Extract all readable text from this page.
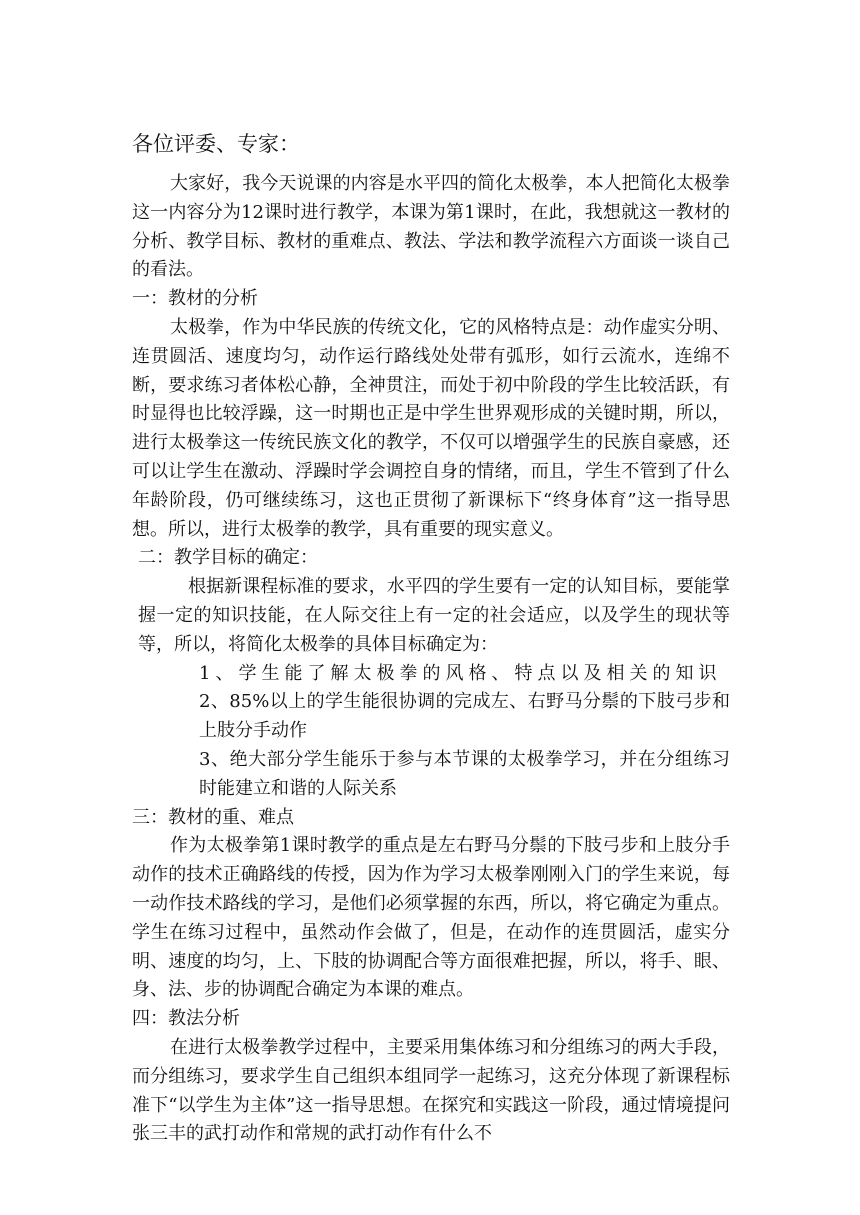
各位评委、专家：

大家好，我今天说课的内容是水平四的简化太极拳，本人把简化太极拳这一内容分为12课时进行教学，本课为第1课时，在此，我想就这一教材的分析、教学目标、教材的重难点、教法、学法和教学流程六方面谈一谈自己的看法。

一：教材的分析

太极拳，作为中华民族的传统文化，它的风格特点是：动作虚实分明、连贯圆活、速度均匀，动作运行路线处处带有弧形，如行云流水，连绵不断，要求练习者体松心静，全神贯注，而处于初中阶段的学生比较活跃，有时显得也比较浮躁，这一时期也正是中学生世界观形成的关键时期，所以，进行太极拳这一传统民族文化的教学，不仅可以增强学生的民族自豪感，还可以让学生在激动、浮躁时学会调控自身的情绪，而且，学生不管到了什么年龄阶段，仍可继续练习，这也正贯彻了新课标下“终身体育”这一指导思想。所以，进行太极拳的教学，具有重要的现实意义。

二：教学目标的确定：

根据新课程标准的要求，水平四的学生要有一定的认知目标，要能掌握一定的知识技能，在人际交往上有一定的社会适应，以及学生的现状等等，所以，将简化太极拳的具体目标确定为：

1、学生能了解太极拳的风格、特点以及相关的知识

2、85%以上的学生能很协调的完成左、右野马分鬃的下肢弓步和上肢分手动作

3、绝大部分学生能乐于参与本节课的太极拳学习，并在分组练习时能建立和谐的人际关系

三：教材的重、难点

作为太极拳第1课时教学的重点是左右野马分鬃的下肢弓步和上肢分手动作的技术正确路线的传授，因为作为学习太极拳刚刚入门的学生来说，每一动作技术路线的学习，是他们必须掌握的东西，所以，将它确定为重点。学生在练习过程中，虽然动作会做了，但是，在动作的连贯圆活，虚实分明、速度的均匀，上、下肢的协调配合等方面很难把握，所以，将手、眼、身、法、步的协调配合确定为本课的难点。

四：教法分析

在进行太极拳教学过程中，主要采用集体练习和分组练习的两大手段，而分组练习，要求学生自己组织本组同学一起练习，这充分体现了新课程标准下“以学生为主体”这一指导思想。在探究和实践这一阶段，通过情境提问张三丰的武打动作和常规的武打动作有什么不
